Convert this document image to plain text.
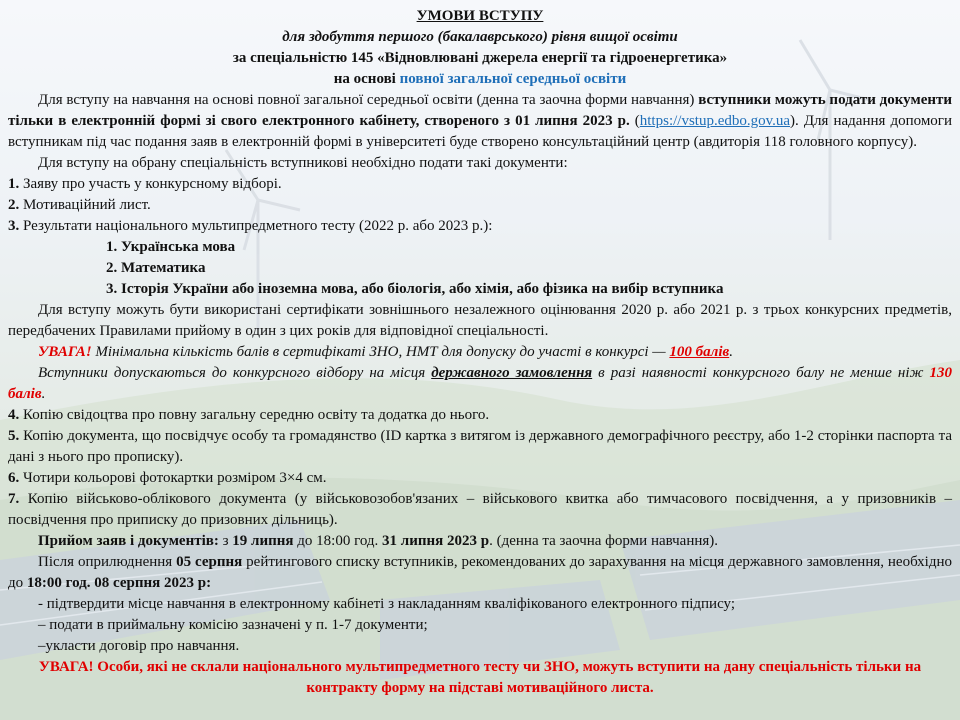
УМОВИ ВСТУПУ

для здобуття першого (бакалаврського) рівня вищої освіти

за спеціальністю 145 «Відновлювані джерела енергії та гідроенергетика»

на основі повної загальної середньої освіти

Для вступу на навчання на основі повної загальної середньої освіти (денна та заочна форми навчання) вступники можуть подати документи тільки в електронній формі зі свого електронного кабінету, створеного з 01 липня 2023 р. (https://vstup.edbo.gov.ua). Для надання допомоги вступникам під час подання заяв в електронній формі в університеті буде створено консультаційний центр (авдиторія 118 головного корпусу).

Для вступу на обрану спеціальність вступникові необхідно подати такі документи:

1. Заяву про участь у конкурсному відборі.

2. Мотиваційний лист.

3. Результати національного мультипредметного тесту (2022 р. або 2023 р.):

1. Українська мова

2. Математика

3. Історія України або іноземна мова, або біологія, або хімія, або фізика на вибір вступника

Для вступу можуть бути використані сертифікати зовнішнього незалежного оцінювання 2020 р. або 2021 р. з трьох конкурсних предметів, передбачених Правилами прийому в один з цих років для відповідної спеціальності.

УВАГА! Мінімальна кількість балів в сертифікаті ЗНО, НМТ для допуску до участі в конкурсі — 100 балів.

Вступники допускаються до конкурсного відбору на місця державного замовлення в разі наявності конкурсного балу не менше ніж 130 балів.

4. Копію свідоцтва про повну загальну середню освіту та додатка до нього.

5. Копію документа, що посвідчує особу та громадянство (ID картка з витягом із державного демографічного реєстру, або 1-2 сторінки паспорта та дані з нього про прописку).

6. Чотири кольорові фотокартки розміром 3×4 см.

7. Копію військово-облікового документа (у військовозобов'язаних – військового квитка або тимчасового посвідчення, а у призовників – посвідчення про приписку до призовних дільниць).

Прийом заяв і документів: з 19 липня до 18:00 год. 31 липня 2023 р. (денна та заочна форми навчання).

Після оприлюднення 05 серпня рейтингового списку вступників, рекомендованих до зарахування на місця державного замовлення, необхідно до 18:00 год. 08 серпня 2023 р:

- підтвердити місце навчання в електронному кабінеті з накладанням кваліфікованого електронного підпису;

– подати в приймальну комісію зазначені у п. 1-7 документи;

–укласти договір про навчання.

УВАГА! Особи, які не склали національного мультипредметного тесту чи ЗНО, можуть вступити на дану спеціальність тільки на контракту форму на підставі мотиваційного листа.
